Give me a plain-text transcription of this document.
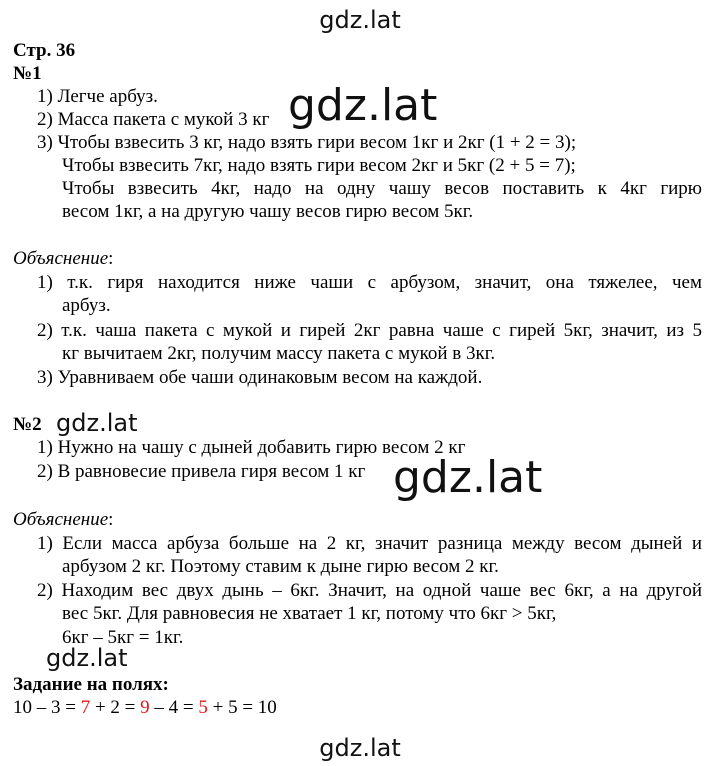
gdz.lat
gdz.lat
gdz.lat
gdz.lat
gdz.lat
gdz.lat
Стр. 36
№1
1) Легче арбуз.
2) Масса пакета с мукой 3 кг
3) Чтобы взвесить 3 кг, надо взять гири весом 1кг и 2кг (1 + 2 = 3);
Чтобы взвесить 7кг, надо взять гири весом 2кг и 5кг (2 + 5 = 7);
Чтобы взвесить 4кг, надо на одну чашу весов поставить к 4кг гирю
весом 1кг, а на другую чашу весов гирю весом 5кг.
Объяснение:
1) т.к. гиря находится ниже чаши с арбузом, значит, она тяжелее, чем
арбуз.
2) т.к. чаша пакета с мукой и гирей 2кг равна чаше с гирей 5кг, значит, из 5
кг вычитаем 2кг, получим массу пакета с мукой в 3кг.
3) Уравниваем обе чаши одинаковым весом на каждой.
№2
1) Нужно на чашу с дыней добавить гирю весом 2 кг
2) В равновесие привела гиря весом 1 кг
Объяснение:
1) Если масса арбуза больше на 2 кг, значит разница между весом дыней и
арбузом 2 кг. Поэтому ставим к дыне гирю весом 2 кг.
2) Находим вес двух дынь – 6кг. Значит, на одной чаше вес 6кг, а на другой
вес 5кг. Для равновесия не хватает 1 кг, потому что 6кг > 5кг,
6кг – 5кг = 1кг.
Задание на полях:
10 – 3 = 7 + 2 = 9 – 4 = 5 + 5 = 10
